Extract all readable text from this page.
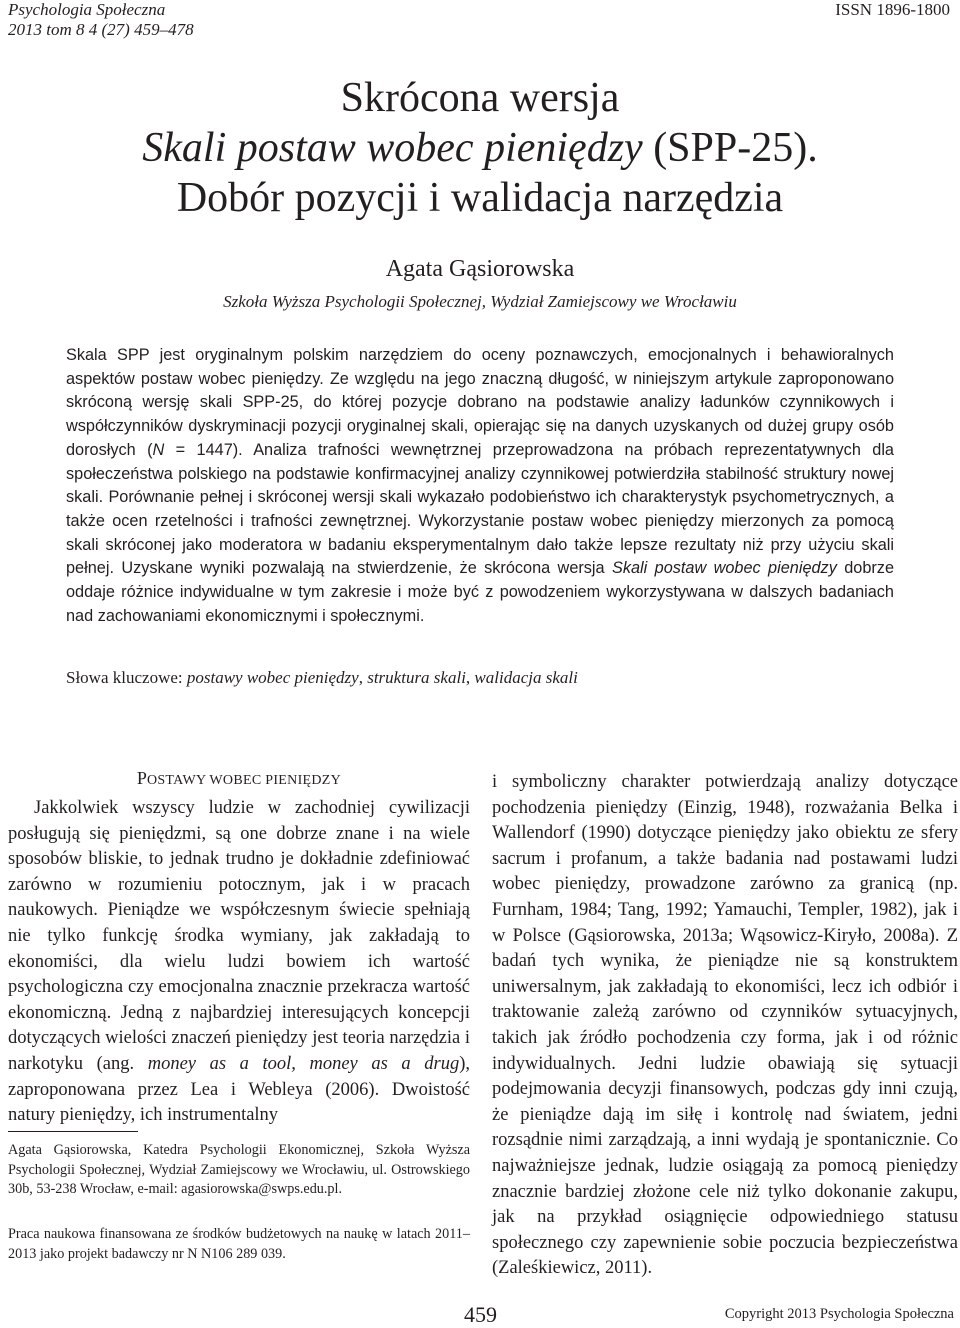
Psychologia Społeczna
2013 tom 8 4 (27) 459–478
ISSN 1896-1800
Skrócona wersja
Skali postaw wobec pieniędzy (SPP-25).
Dobór pozycji i walidacja narzędzia
Agata Gąsiorowska
Szkoła Wyższa Psychologii Społecznej, Wydział Zamiejscowy we Wrocławiu

Skala SPP jest oryginalnym polskim narzędziem do oceny poznawczych, emocjonalnych i behawioralnych aspektów postaw wobec pieniędzy. Ze względu na jego znaczną długość, w niniejszym artykule zaproponowano skróconą wersję skali SPP-25, do której pozycje dobrano na podstawie analizy ładunków czynnikowych i współczynników dyskryminacji pozycji oryginalnej skali, opierając się na danych uzyskanych od dużej grupy osób dorosłych (N = 1447). Analiza trafności wewnętrznej przeprowadzona na próbach reprezentatywnych dla społeczeństwa polskiego na podstawie konfirmacyjnej analizy czynnikowej potwierdziła stabilność struktury nowej skali. Porównanie pełnej i skróconej wersji skali wykazało podobieństwo ich charakterystyk psychometrycznych, a także ocen rzetelności i trafności zewnętrznej. Wykorzystanie postaw wobec pieniędzy mierzonych za pomocą skali skróconej jako moderatora w badaniu eksperymentalnym dało także lepsze rezultaty niż przy użyciu skali pełnej. Uzyskane wyniki pozwalają na stwierdzenie, że skrócona wersja Skali postaw wobec pieniędzy dobrze oddaje różnice indywidualne w tym zakresie i może być z powodzeniem wykorzystywana w dalszych badaniach nad zachowaniami ekonomicznymi i społecznymi.

Słowa kluczowe: postawy wobec pieniędzy, struktura skali, walidacja skali
POSTAWY WOBEC PIENIĘDZY

Jakkolwiek wszyscy ludzie w zachodniej cywilizacji posługują się pieniędzmi, są one dobrze znane i na wiele sposobów bliskie, to jednak trudno je dokładnie zdefiniować zarówno w rozumieniu potocznym, jak i w pracach naukowych. Pieniądze we współczesnym świecie spełniają nie tylko funkcję środka wymiany, jak zakładają to ekonomiści, dla wielu ludzi bowiem ich wartość psychologiczna czy emocjonalna znacznie przekracza wartość ekonomiczną. Jedną z najbardziej interesujących koncepcji dotyczących wielości znaczeń pieniędzy jest teoria narzędzia i narkotyku (ang. money as a tool, money as a drug), zaproponowana przez Lea i Webleya (2006). Dwoistość natury pieniędzy, ich instrumentalny

i symboliczny charakter potwierdzają analizy dotyczące pochodzenia pieniędzy (Einzig, 1948), rozważania Belka i Wallendorf (1990) dotyczące pieniędzy jako obiektu ze sfery sacrum i profanum, a także badania nad postawami ludzi wobec pieniędzy, prowadzone zarówno za granicą (np. Furnham, 1984; Tang, 1992; Yamauchi, Templer, 1982), jak i w Polsce (Gąsiorowska, 2013a; Wąsowicz-Kiryło, 2008a). Z badań tych wynika, że pieniądze nie są konstruktem uniwersalnym, jak zakładają to ekonomiści, lecz ich odbiór i traktowanie zależą zarówno od czynników sytuacyjnych, takich jak źródło pochodzenia czy forma, jak i od różnic indywidualnych. Jedni ludzie obawiają się sytuacji podejmowania decyzji finansowych, podczas gdy inni czują, że pieniądze dają im siłę i kontrolę nad światem, jedni rozsądnie nimi zarządzają, a inni wydają je spontanicznie. Co najważniejsze jednak, ludzie osiągają za pomocą pieniędzy znacznie bardziej złożone cele niż tylko dokonanie zakupu, jak na przykład osiągnięcie odpowiedniego statusu społecznego czy zapewnienie sobie poczucia bezpieczeństwa (Zaleśkiewicz, 2011).

Agata Gąsiorowska, Katedra Psychologii Ekonomicznej, Szkoła Wyższa Psychologii Społecznej, Wydział Zamiejscowy we Wrocławiu, ul. Ostrowskiego 30b, 53-238 Wrocław, e-mail: agasiorowska@swps.edu.pl.

Praca naukowa finansowana ze środków budżetowych na naukę w latach 2011–2013 jako projekt badawczy nr N N106 289 039.

459	Copyright 2013 Psychologia Społeczna
